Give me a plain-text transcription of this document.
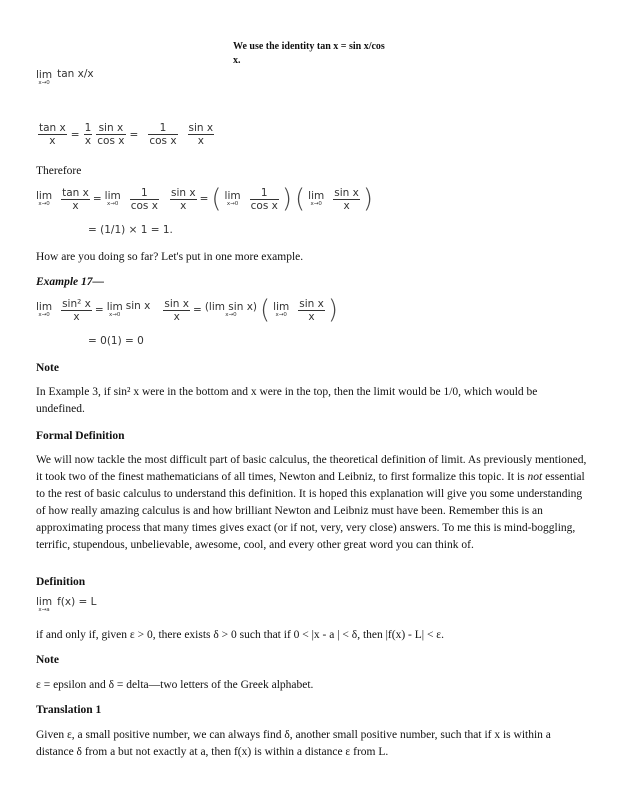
We use the identity tan x = sin x/cos
x.
lim
x→0
tan x/x
$\frac{\text{tan x}}{x} = \frac{1}{x} \frac{\text{sin x}}{\text{cos x}} = \frac{1}{\text{cos x}} \frac{\text{sin x}}{x}$

Therefore

lim
$x\to 0 \frac{\text{tan x}}{x} = \lim$
$x\to 0 \frac{1}{\text{cos x}} \frac{\text{sin x}}{x}$ = ( lim
$x\to 0 \frac{1}{\text{cos x}}$ ) ( lim
$x\to 0 \frac{\text{sin x}}{x}$ )
= (1/1) × 1 = 1.

How are you doing so far? Let's put in one more example.

Example 17—

lim
$x\to 0 \frac{\text{sin² x}}{x} = \lim$
x→0
sin x $\frac{\text{sin x}}{x} = (\lim$ sin x)
x→0 ( lim
$x\to 0 \frac{\text{sin x}}{x}$ )
= 0(1) = 0

Note

In Example 3, if sin² x were in the bottom and x were in the top, then the limit would be 1/0, which would be undefined.

Formal Definition

We will now tackle the most difficult part of basic calculus, the theoretical definition of limit. As previously mentioned, it took two of the finest mathematicians of all times, Newton and Leibniz, to first formalize this topic. It is not essential to the rest of basic calculus to understand this definition. It is hoped this explanation will give you some understanding of how really amazing calculus is and how brilliant Newton and Leibniz must have been. Remember this is an approximating process that many times gives exact (or if not, very, very close) answers. To me this is mind-boggling, terrific, stupendous, unbelievable, awesome, cool, and every other great word you can think of.

Definition

lim
x→a
f(x) = L

if and only if, given ε > 0, there exists δ > 0 such that if 0 < |x - a | < δ, then |f(x) - L| < ε.

Note

ε = epsilon and δ = delta—two letters of the Greek alphabet.

Translation 1

Given ε, a small positive number, we can always find δ, another small positive number, such that if x is within a distance δ from a but not exactly at a, then f(x) is within a distance ε from L.
